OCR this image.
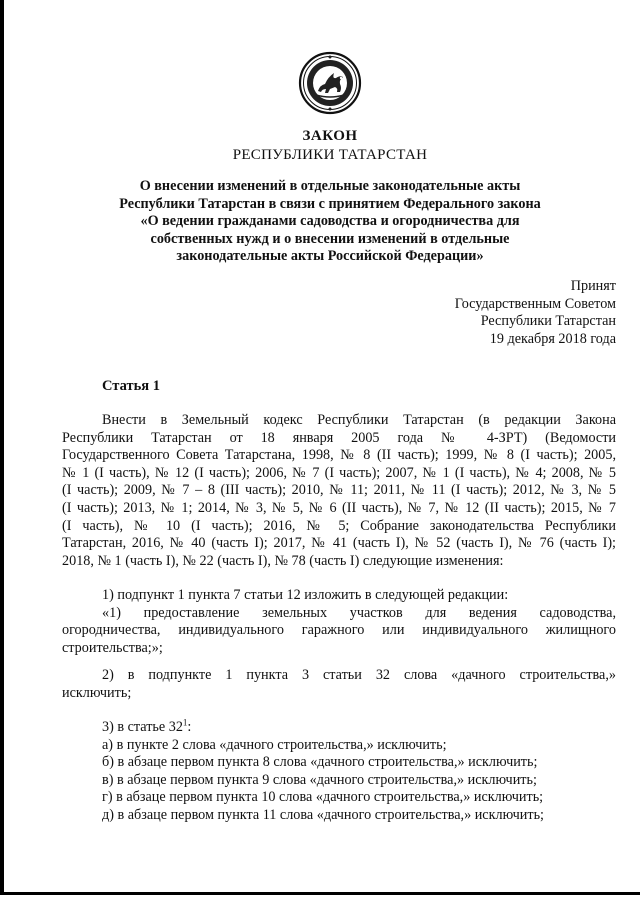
ЗАКОН
РЕСПУБЛИКИ ТАТАРСТАН
О внесении изменений в отдельные законодательные акты
Республики Татарстан в связи с принятием Федерального закона
«О ведении гражданами садоводства и огородничества для
собственных нужд и о внесении изменений в отдельные
законодательные акты Российской Федерации»
Принят
Государственным Советом
Республики Татарстан
19 декабря 2018 года
Статья 1
Внести в Земельный кодекс Республики Татарстан (в редакции Закона
Республики Татарстан от 18 января 2005 года № 4-ЗРТ) (Ведомости
Государственного Совета Татарстана, 1998, № 8 (II часть); 1999, № 8 (I часть); 2005,
№ 1 (I часть), № 12 (I часть); 2006, № 7 (I часть); 2007, № 1 (I часть), № 4; 2008, № 5
(I часть); 2009, № 7 – 8 (III часть); 2010, № 11; 2011, № 11 (I часть); 2012, № 3, № 5
(I часть); 2013, № 1; 2014, № 3, № 5, № 6 (II часть), № 7, № 12 (II часть); 2015, № 7
(I часть), № 10 (I часть); 2016, № 5; Собрание законодательства Республики
Татарстан, 2016, № 40 (часть I); 2017, № 41 (часть I), № 52 (часть I), № 76 (часть I);
2018, № 1 (часть I), № 22 (часть I), № 78 (часть I) следующие изменения:
1) подпункт 1 пункта 7 статьи 12 изложить в следующей редакции:
«1) предоставление земельных участков для ведения садоводства,
огородничества, индивидуального гаражного или индивидуального жилищного
строительства;»;
2) в подпункте 1 пункта 3 статьи 32 слова «дачного строительства,»
исключить;
3) в статье $32^1$:
а) в пункте 2 слова «дачного строительства,» исключить;
б) в абзаце первом пункта 8 слова «дачного строительства,» исключить;
в) в абзаце первом пункта 9 слова «дачного строительства,» исключить;
г) в абзаце первом пункта 10 слова «дачного строительства,» исключить;
д) в абзаце первом пункта 11 слова «дачного строительства,» исключить;
